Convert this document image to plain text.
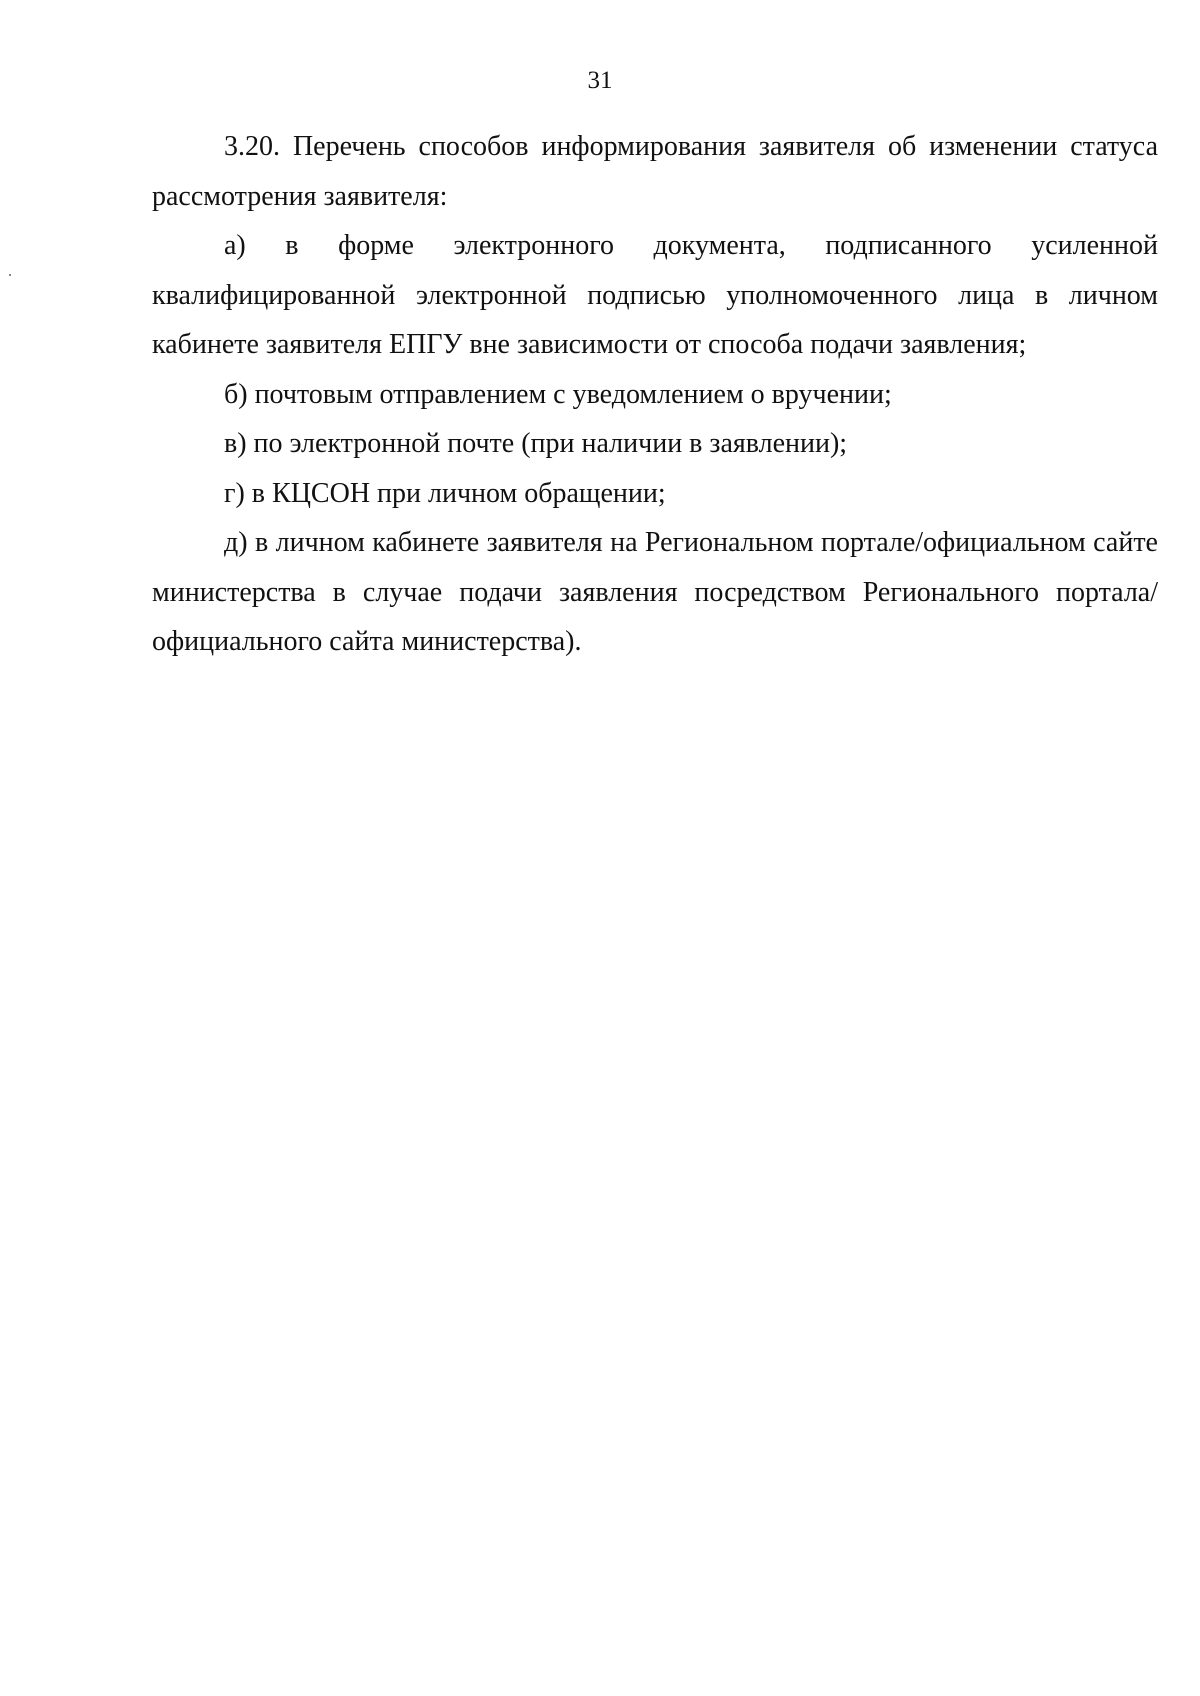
31

3.20. Перечень способов информирования заявителя об изменении статуса рассмотрения заявителя:

а) в форме электронного документа, подписанного усиленной квалифицированной электронной подписью уполномоченного лица в личном кабинете заявителя ЕПГУ вне зависимости от способа подачи заявления;

б) почтовым отправлением с уведомлением о вручении;

в) по электронной почте (при наличии в заявлении);

г) в КЦСОН при личном обращении;

д) в личном кабинете заявителя на Региональном портале/официальном сайте министерства в случае подачи заявления посредством Регионального портала/официального сайта министерства).
